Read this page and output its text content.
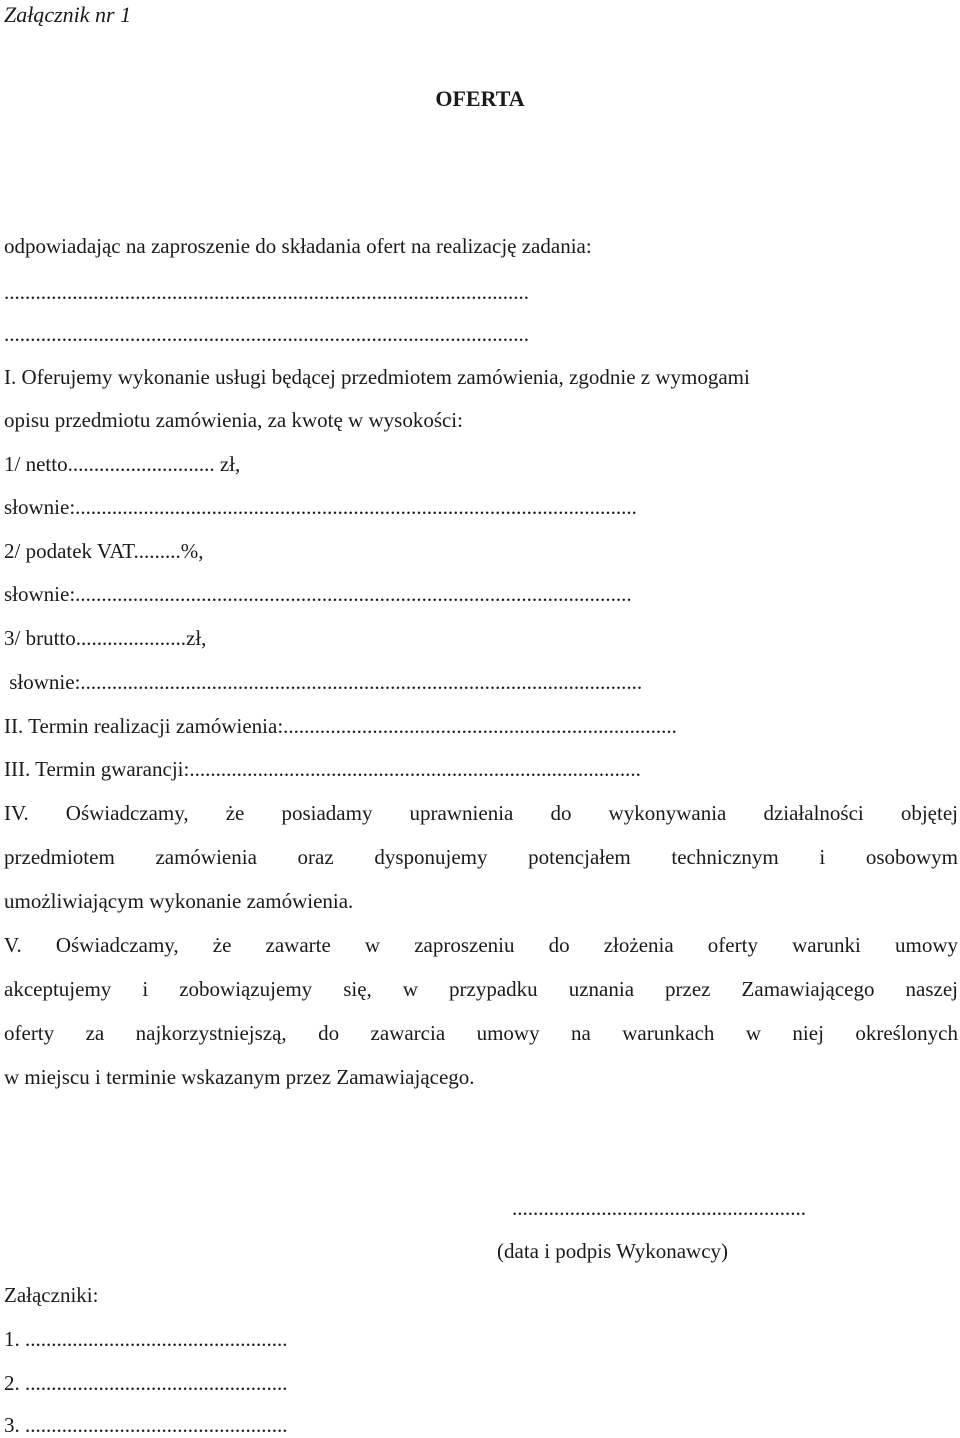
Załącznik nr 1
OFERTA
odpowiadając na zaproszenie do składania ofert na realizację zadania:
....................................................................................................
....................................................................................................
I. Oferujemy wykonanie usługi będącej przedmiotem zamówienia, zgodnie z wymogami
opisu przedmiotu zamówienia, za kwotę w wysokości:
1/ netto............................ zł,
słownie:...........................................................................................................
2/ podatek VAT.........%,
słownie:..........................................................................................................
3/ brutto.....................zł,
słownie:...........................................................................................................
II. Termin realizacji zamówienia:...........................................................................
III. Termin gwarancji:......................................................................................
IV. Oświadczamy, że posiadamy uprawnienia do wykonywania działalności objętej
przedmiotem zamówienia oraz dysponujemy potencjałem technicznym i osobowym
umożliwiającym wykonanie zamówienia.
V. Oświadczamy, że zawarte w zaproszeniu do złożenia oferty warunki umowy
akceptujemy i zobowiązujemy się, w przypadku uznania przez Zamawiającego naszej
oferty za najkorzystniejszą, do zawarcia umowy na warunkach w niej określonych
w miejscu i terminie wskazanym przez Zamawiającego.
........................................................
(data i podpis Wykonawcy)
Załączniki:
1. ..................................................
2. ..................................................
3. ..................................................
